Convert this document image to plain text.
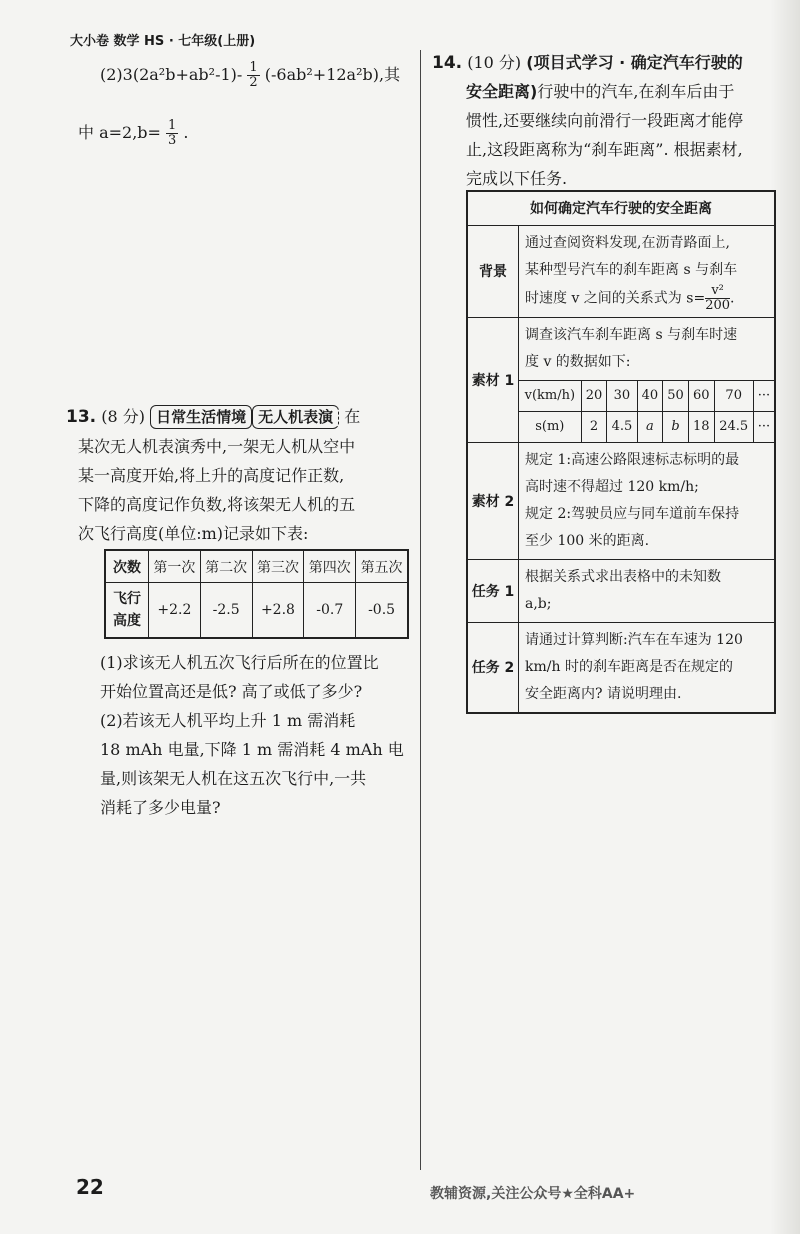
大小卷 数学 HS · 七年级(上册)
$(2)3(2a^2b+ab^2-1)- \frac{1}{2} (-6ab^2+12a^2b)$,其
中 $a=2,b= \frac{1}{3}$ .
13. (8 分) 日常生活情境 无人机表演 在
某次无人机表演秀中,一架无人机从空中
某一高度开始,将上升的高度记作正数,
下降的高度记作负数,将该架无人机的五
次飞行高度(单位:m)记录如下表:
次数	第一次	第二次	第三次	第四次	第五次
飞行高度	+2.2	-2.5	+2.8	-0.7	-0.5
(1)求该无人机五次飞行后所在的位置比
开始位置高还是低? 高了或低了多少?
(2)若该无人机平均上升 1 m 需消耗
18 mAh 电量,下降 1 m 需消耗 4 mAh 电
量,则该架无人机在这五次飞行中,一共
消耗了多少电量?
14. (10 分) (项目式学习 · 确定汽车行驶的
安全距离)行驶中的汽车,在刹车后由于
惯性,还要继续向前滑行一段距离才能停
止,这段距离称为“刹车距离”. 根据素材,
完成以下任务.
如何确定汽车行驶的安全距离
背景	
通过查阅资料发现,在沥青路面上,
某种型号汽车的刹车距离 s 与刹车
时速度 v 之间的关系式为 $s= \frac{\text{v²}}{200}$ .

素材 1	
调查该汽车刹车距离 s 与刹车时速
度 v 的数据如下:
v(km/h)	20	30	40	50	60	70	···
s(m)	2	4.5	a	b	18	24.5	···

素材 2	
规定 1:高速公路限速标志标明的最
高时速不得超过 120 km/h;
规定 2:驾驶员应与同车道前车保持
至少 100 米的距离.

任务 1	
根据关系式求出表格中的未知数
a,b;

任务 2	
请通过计算判断:汽车在车速为 120
km/h 时的刹车距离是否在规定的
安全距离内? 请说明理由.
22	教辅资源,关注公众号★全科AA+
